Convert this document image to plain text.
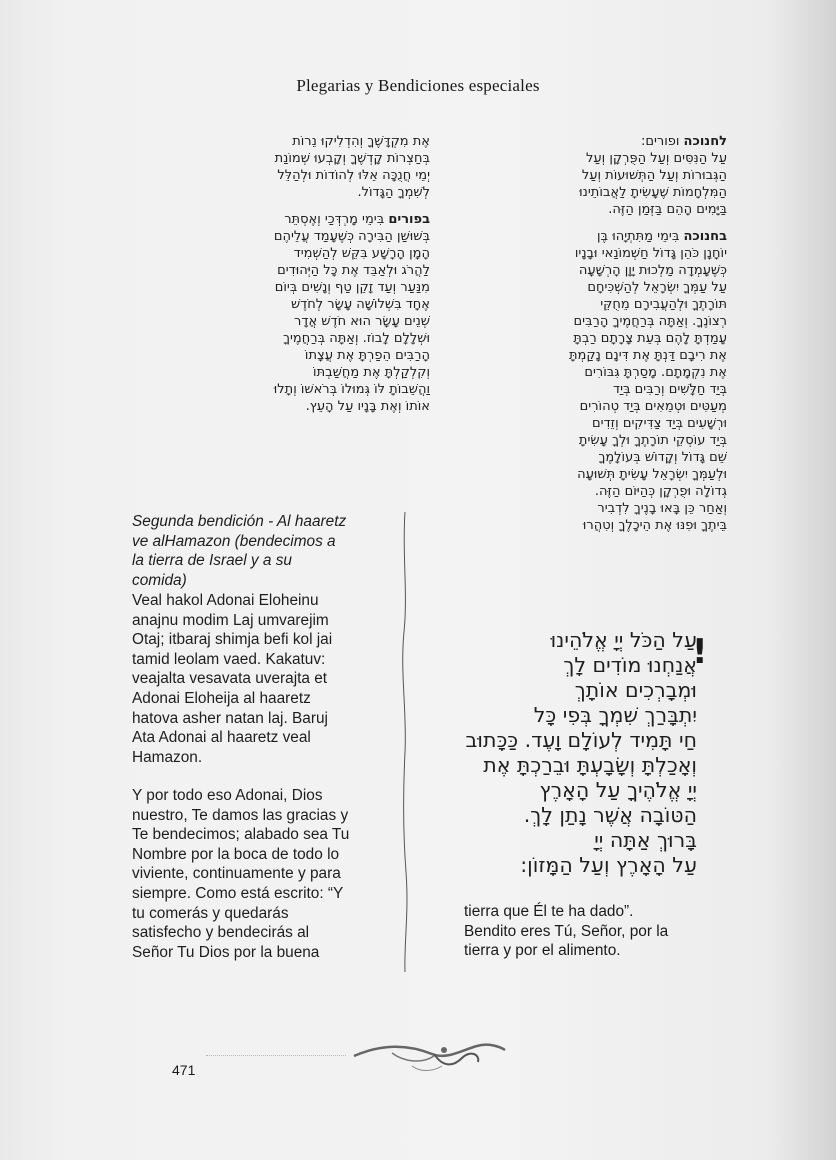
Plegarias y Bendiciones especiales

לחנוכה ופורים:

עַל הַנִּסִּים וְעַל הַפֻּרְקָן וְעַל

הַגְּבוּרוֹת וְעַל הַתְּשׁוּעוֹת וְעַל

הַמִּלְחָמוֹת שֶׁעָשִׂיתָ לַאֲבוֹתֵינוּ

בַּיָּמִים הָהֵם בַּזְּמַן הַזֶּה.

בחנוכה בִּימֵי מַתִּתְיָהוּ בֶּן

יוֹחָנָן כֹּהֵן גָּדוֹל חַשְׁמוֹנַאי וּבָנָיו

כְּשֶׁעָמְדָה מַלְכוּת יָוָן הָרְשָׁעָה

עַל עַמְּךָ יִשְׂרָאֵל לְהַשְׁכִּיחָם

תּוֹרָתֶךָ וּלְהַעֲבִירָם מֵחֻקֵּי

רְצוֹנֶךָ. וְאַתָּה בְּרַחֲמֶיךָ הָרַבִּים

עָמַדְתָּ לָהֶם בְּעֵת צָרָתָם רַבְתָּ

אֶת רִיבָם דַּנְתָּ אֶת דִּינָם נָקַמְתָּ

אֶת נִקְמָתָם. מָסַרְתָּ גִּבּוֹרִים

בְּיַד חַלָּשִׁים וְרַבִּים בְּיַד

מְעַטִּים וּטְמֵאִים בְּיַד טְהוֹרִים

וּרְשָׁעִים בְּיַד צַדִּיקִים וְזֵדִים

בְּיַד עוֹסְקֵי תוֹרָתֶךָ וּלְךָ עָשִׂיתָ

שֵׁם גָּדוֹל וְקָדוֹשׁ בְּעוֹלָמֶךָ

וּלְעַמְּךָ יִשְׂרָאֵל עָשִׂיתָ תְּשׁוּעָה

גְדוֹלָה וּפֻרְקָן כְּהַיּוֹם הַזֶּה.

וְאַחַר כֵּן בָּאוּ בָנֶיךָ לִדְבִיר

בֵּיתֶךָ וּפִנּוּ אֶת הֵיכָלֶךָ וְטִהֲרוּ

אֶת מִקְדָּשֶׁךָ וְהִדְלִיקוּ נֵרוֹת

בְּחַצְרוֹת קָדְשֶׁךָ וְקָבְעוּ שְׁמוֹנַת

יְמֵי חֲנֻכָּה אֵלּוּ לְהוֹדוֹת וּלְהַלֵּל

לְשִׁמְךָ הַגָּדוֹל.

בפורים בִּימֵי מָרְדְּכַי וְאֶסְתֵּר

בְּשׁוּשַׁן הַבִּירָה כְּשֶׁעָמַד עֲלֵיהֶם

הָמָן הָרָשָׁע בִּקֵּשׁ לְהַשְׁמִיד

לַהֲרֹג וּלְאַבֵּד אֶת כָּל הַיְּהוּדִים

מִנַּעַר וְעַד זָקֵן טַף וְנָשִׁים בְּיוֹם

אֶחָד בִּשְׁלוֹשָׁה עָשָׂר לְחֹדֶשׁ

שְׁנֵים עָשָׂר הוּא חֹדֶשׁ אֲדָר

וּשְׁלָלָם לָבוֹז. וְאַתָּה בְּרַחֲמֶיךָ

הָרַבִּים הֵפַרְתָּ אֶת עֲצָתוֹ

וְקִלְקַלְתָּ אֶת מַחֲשַׁבְתּוֹ

וַהֲשֵׁבוֹתָ לּוֹ גְּמוּלוֹ בְּרֹאשׁוֹ וְתָלוּ

אוֹתוֹ וְאֶת בָּנָיו עַל הָעֵץ.

Segunda bendición - Al haaretz

ve alHamazon (bendecimos a

la tierra de Israel y a su

comida)

Veal hakol Adonai Eloheinu

anajnu modim Laj umvarejim

Otaj; itbaraj shimja befi kol jai

tamid leolam vaed. Kakatuv:

veajalta vesavata uverajta et

Adonai Eloheija al haaretz

hatova asher natan laj. Baruj

Ata Adonai al haaretz veal

Hamazon.

Y por todo eso Adonai, Dios

nuestro, Te damos las gracias y

Te bendecimos; alabado sea Tu

Nombre por la boca de todo lo

viviente, continuamente y para

siempre. Como está escrito: “Y

tu comerás y quedarás

satisfecho y bendecirás al

Señor Tu Dios por la buena

!

עַל הַכֹּל יְיָ אֱלֹהֵינוּ

אֲנַחְנוּ מוֹדִים לָךְ

וּמְבָרְכִים אוֹתָךְ

יִתְבָּרַךְ שִׁמְךָ בְּפִי כָּל

חַי תָּמִיד לְעוֹלָם וָעֶד. כַּכָּתוּב

וְאָכַלְתָּ וְשָׂבָעְתָּ וּבֵרַכְתָּ אֶת

יְיָ אֱלֹהֶיךָ עַל הָאָרֶץ

הַטּוֹבָה אֲשֶׁר נָתַן לָךְ.

בָּרוּךְ אַתָּה יְיָ

עַל הָאָרֶץ וְעַל הַמָּזוֹן:

tierra que Él te ha dado”.

Bendito eres Tú, Señor, por la

tierra y por el alimento.

471
